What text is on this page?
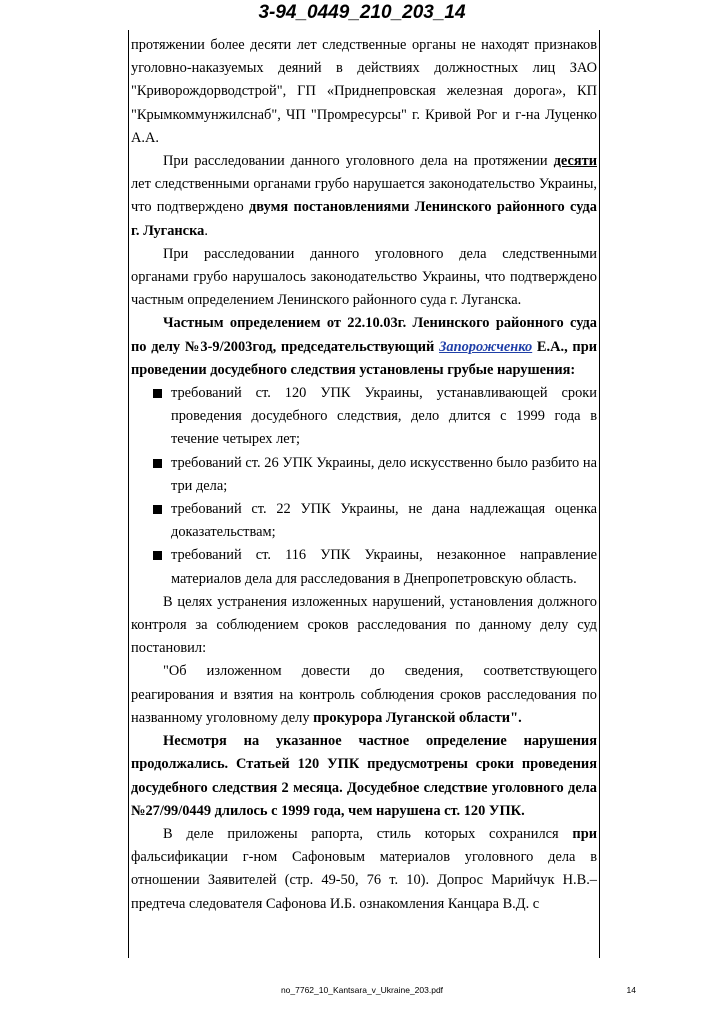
3-94_0449_210_203_14

протяжении более десяти лет следственные органы не находят признаков уголовно-наказуемых деяний в действиях должностных лиц ЗАО "Криворождорводстрой", ГП «Приднепровская железная дорога», КП "Крымкоммунжилснаб", ЧП "Промресурсы" г. Кривой Рог и г-на Луценко А.А.

При расследовании данного уголовного дела на протяжении десяти лет следственными органами грубо нарушается законодательство Украины, что подтверждено двумя постановлениями Ленинского районного суда г. Луганска.

При расследовании данного уголовного дела следственными органами грубо нарушалось законодательство Украины, что подтверждено частным определением Ленинского районного суда г. Луганска.

Частным определением от 22.10.03г. Ленинского районного суда по делу №3-9/2003год, председательствующий Запорожченко Е.А., при проведении досудебного следствия установлены грубые нарушения:

требований ст. 120 УПК Украины, устанавливающей сроки проведения досудебного следствия, дело длится с 1999 года в течение четырех лет;
требований ст. 26 УПК Украины, дело искусственно было разбито на три дела;
требований ст. 22 УПК Украины, не дана надлежащая оценка доказательствам;
требований ст. 116 УПК Украины, незаконное направление материалов дела для расследования в Днепропетровскую область.

В целях устранения изложенных нарушений, установления должного контроля за соблюдением сроков расследования по данному делу суд постановил:

"Об изложенном довести до сведения, соответствующего реагирования и взятия на контроль соблюдения сроков расследования по названному уголовному делу прокурора Луганской области".

Несмотря на указанное частное определение нарушения продолжались. Статьей 120 УПК предусмотрены сроки проведения досудебного следствия 2 месяца. Досудебное следствие уголовного дела №27/99/0449 длилось с 1999 года, чем нарушена ст. 120 УПК.

В деле приложены рапорта, стиль которых сохранился при фальсификации г-ном Сафоновым материалов уголовного дела в отношении Заявителей (стр. 49-50, 76 т. 10). Допрос Марийчук Н.В.– предтеча следователя Сафонова И.Б. ознакомления Канцара В.Д. с

no_7762_10_Kantsara_v_Ukraine_203.pdf	14
